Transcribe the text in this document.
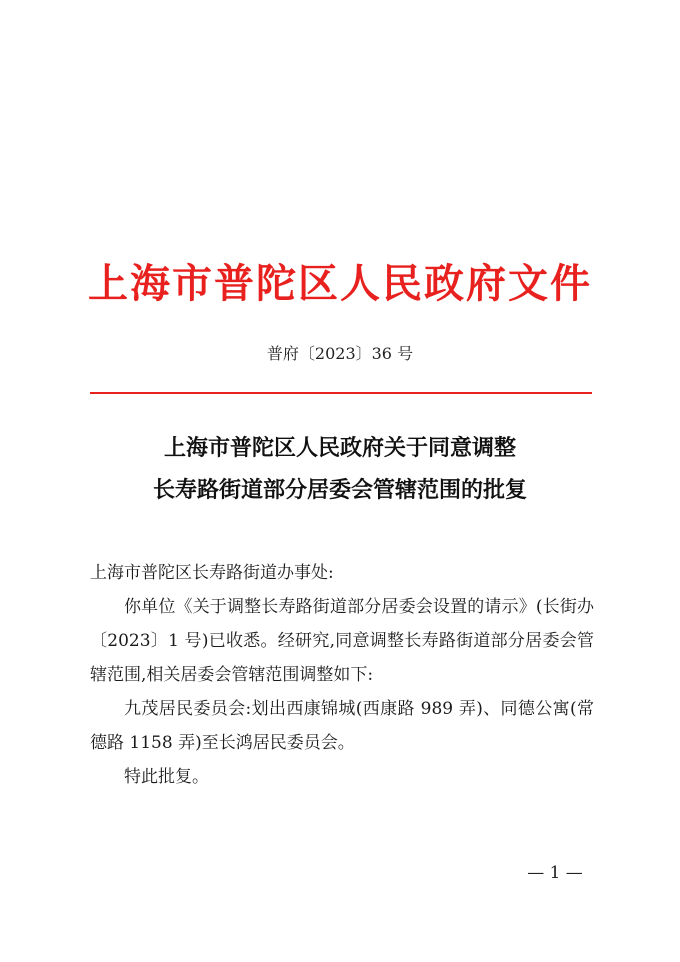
上海市普陀区人民政府文件
普府〔2023〕36 号
上海市普陀区人民政府关于同意调整
长寿路街道部分居委会管辖范围的批复

上海市普陀区长寿路街道办事处:

你单位《关于调整长寿路街道部分居委会设置的请示》(长街办〔2023〕1 号)已收悉。经研究,同意调整长寿路街道部分居委会管辖范围,相关居委会管辖范围调整如下:

九茂居民委员会:划出西康锦城(西康路 989 弄)、同德公寓(常德路 1158 弄)至长鸿居民委员会。

特此批复。

— 1 —
